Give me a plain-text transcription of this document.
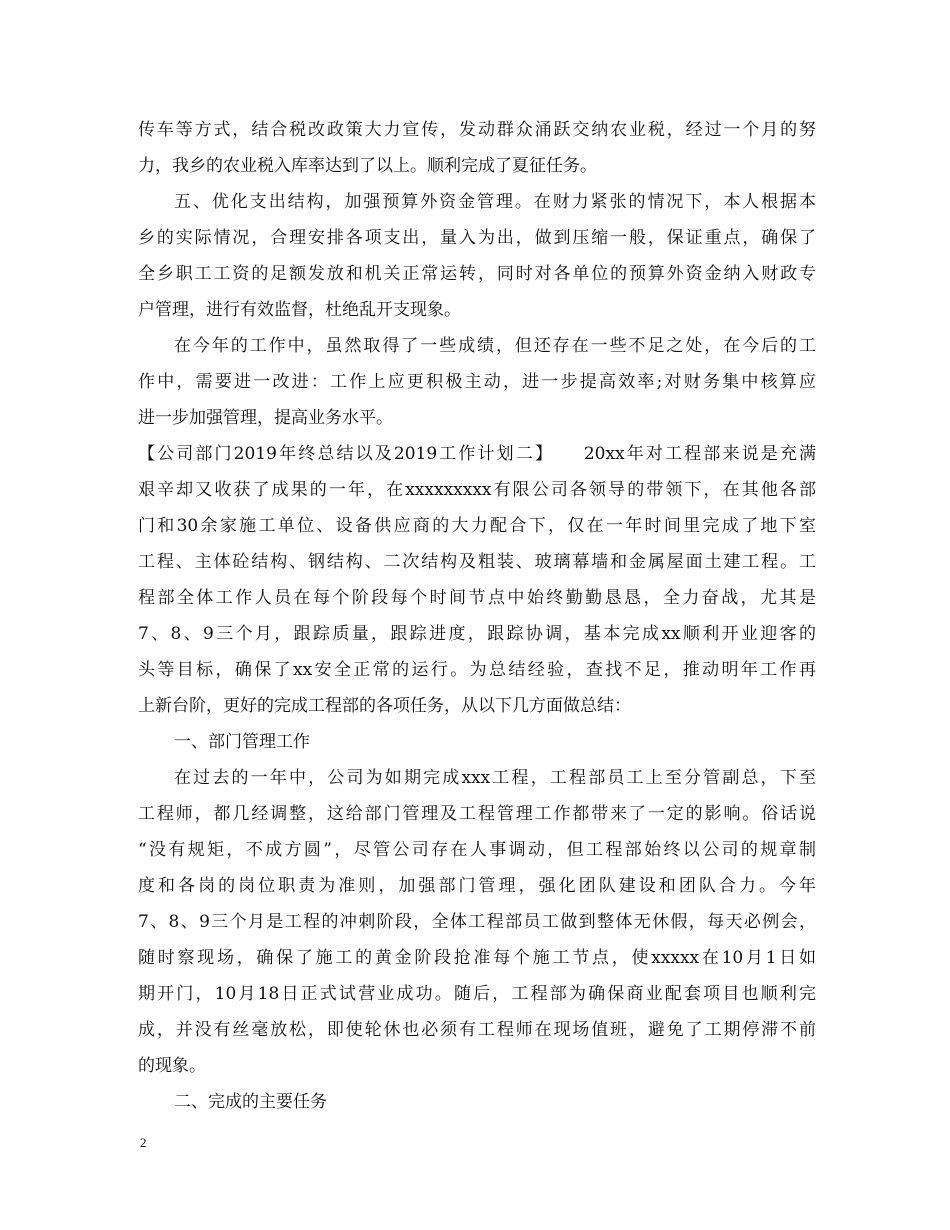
传车等方式，结合税改政策大力宣传，发动群众涌跃交纳农业税，经过一个月的努
力，我乡的农业税入库率达到了以上。顺利完成了夏征任务。
五、优化支出结构，加强预算外资金管理。在财力紧张的情况下，本人根据本
乡的实际情况，合理安排各项支出，量入为出，做到压缩一般，保证重点，确保了
全乡职工工资的足额发放和机关正常运转，同时对各单位的预算外资金纳入财政专
户管理，进行有效监督，杜绝乱开支现象。
在今年的工作中，虽然取得了一些成绩，但还存在一些不足之处，在今后的工
作中，需要进一改进：工作上应更积极主动，进一步提高效率;对财务集中核算应
进一步加强管理，提高业务水平。
【公司部门2019年终总结以及2019工作计划二】　　20xx年对工程部来说是充满
艰辛却又收获了成果的一年，在xxxxxxxxx有限公司各领导的带领下，在其他各部
门和30余家施工单位、设备供应商的大力配合下，仅在一年时间里完成了地下室
工程、主体砼结构、钢结构、二次结构及粗装、玻璃幕墙和金属屋面土建工程。工
程部全体工作人员在每个阶段每个时间节点中始终勤勤恳恳，全力奋战，尤其是
7、8、9三个月，跟踪质量，跟踪进度，跟踪协调，基本完成xx顺利开业迎客的
头等目标，确保了xx安全正常的运行。为总结经验，查找不足，推动明年工作再
上新台阶，更好的完成工程部的各项任务，从以下几方面做总结：
一、部门管理工作
在过去的一年中，公司为如期完成xxx工程，工程部员工上至分管副总，下至
工程师，都几经调整，这给部门管理及工程管理工作都带来了一定的影响。俗话说
“没有规矩，不成方圆”，尽管公司存在人事调动，但工程部始终以公司的规章制
度和各岗的岗位职责为准则，加强部门管理，强化团队建设和团队合力。今年
7、8、9三个月是工程的冲刺阶段，全体工程部员工做到整体无休假，每天必例会，
随时察现场，确保了施工的黄金阶段抢准每个施工节点，使xxxxx在10月1日如
期开门，10月18日正式试营业成功。随后，工程部为确保商业配套项目也顺利完
成，并没有丝毫放松，即使轮休也必须有工程师在现场值班，避免了工期停滞不前
的现象。
二、完成的主要任务
2
